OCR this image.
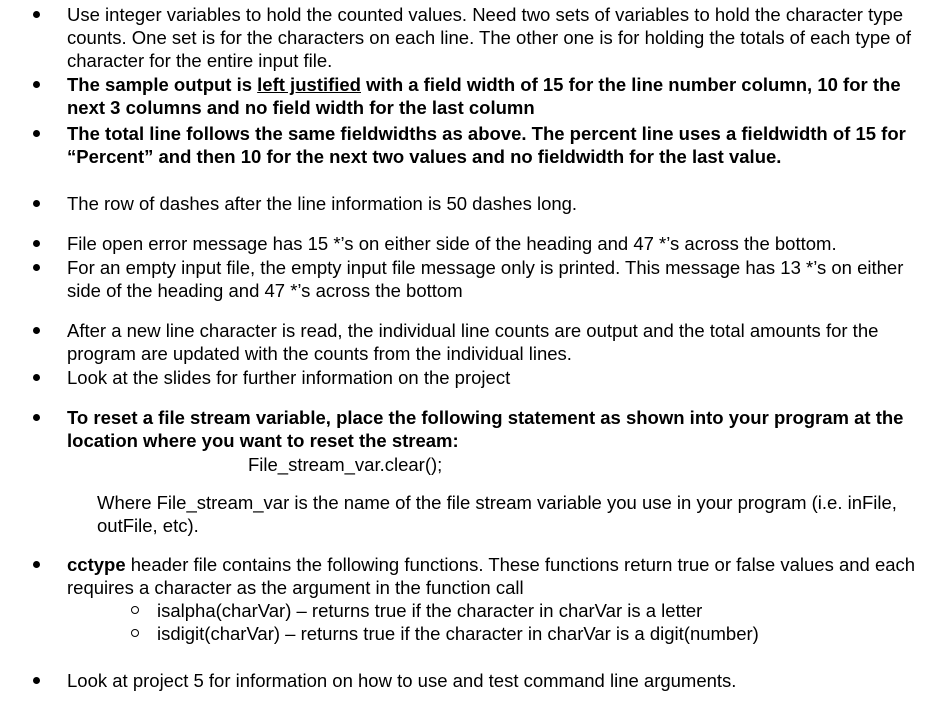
Use integer variables to hold the counted values. Need two sets of variables to hold the character type counts. One set is for the characters on each line. The other one is for holding the totals of each type of character for the entire input file.

The sample output is left justified with a field width of 15 for the line number column, 10 for the next 3 columns and no field width for the last column

The total line follows the same fieldwidths as above. The percent line uses a fieldwidth of 15 for “Percent” and then 10 for the next two values and no fieldwidth for the last value.

The row of dashes after the line information is 50 dashes long.

File open error message has 15 *’s on either side of the heading and 47 *’s across the bottom.

For an empty input file, the empty input file message only is printed. This message has 13 *’s on either side of the heading and 47 *’s across the bottom

After a new line character is read, the individual line counts are output and the total amounts for the program are updated with the counts from the individual lines.

Look at the slides for further information on the project

To reset a file stream variable, place the following statement as shown into your program at the location where you want to reset the stream:

File_stream_var.clear();
Where File_stream_var is the name of the file stream variable you use in your program (i.e. inFile, outFile, etc).

cctype header file contains the following functions. These functions return true or false values and each requires a character as the argument in the function call

isalpha(charVar) – returns true if the character in charVar is a letter
isdigit(charVar) – returns true if the character in charVar is a digit(number)

Look at project 5 for information on how to use and test command line arguments.
